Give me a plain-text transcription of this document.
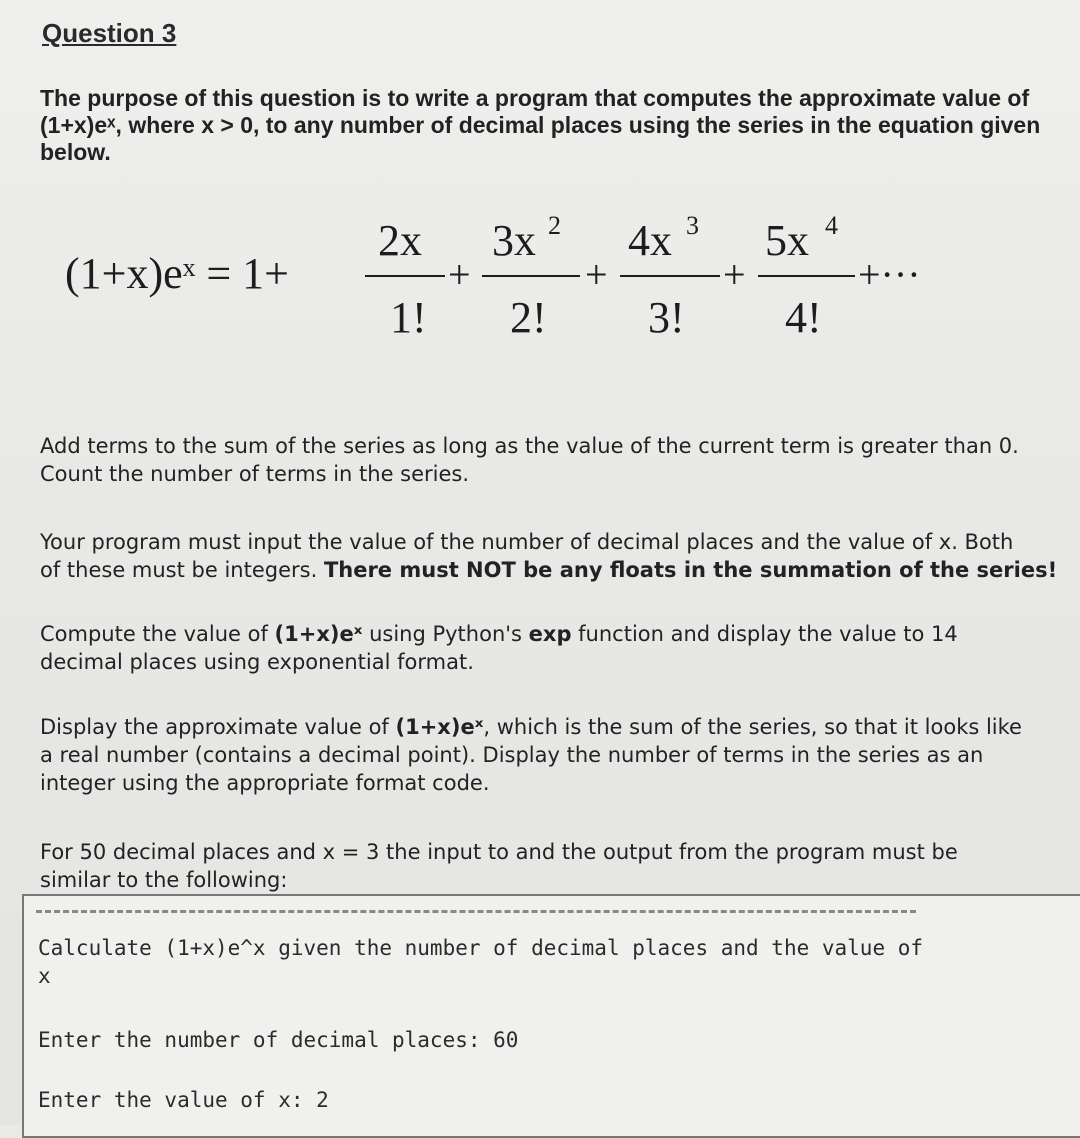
Question 3
The purpose of this question is to write a program that computes the approximate value of
(1+x)eˣ, where x > 0, to any number of decimal places using the series in the equation given
below.
(1+x)eˣ = 1+
2x
1!
+
3x 2
2!
+
4x 3
3!
+
5x 4
4!
+···
Add terms to the sum of the series as long as the value of the current term is greater than 0.
Count the number of terms in the series.
Your program must input the value of the number of decimal places and the value of x. Both
of these must be integers. There must NOT be any floats in the summation of the series!
Compute the value of (1+x)eˣ using Python's exp function and display the value to 14
decimal places using exponential format.
Display the approximate value of (1+x)eˣ, which is the sum of the series, so that it looks like
a real number (contains a decimal point). Display the number of terms in the series as an
integer using the appropriate format code.
For 50 decimal places and x = 3 the input to and the output from the program must be
similar to the following:
Calculate (1+x)e^x given the number of decimal places and the value of
x
Enter the number of decimal places: 60
Enter the value of x: 2
